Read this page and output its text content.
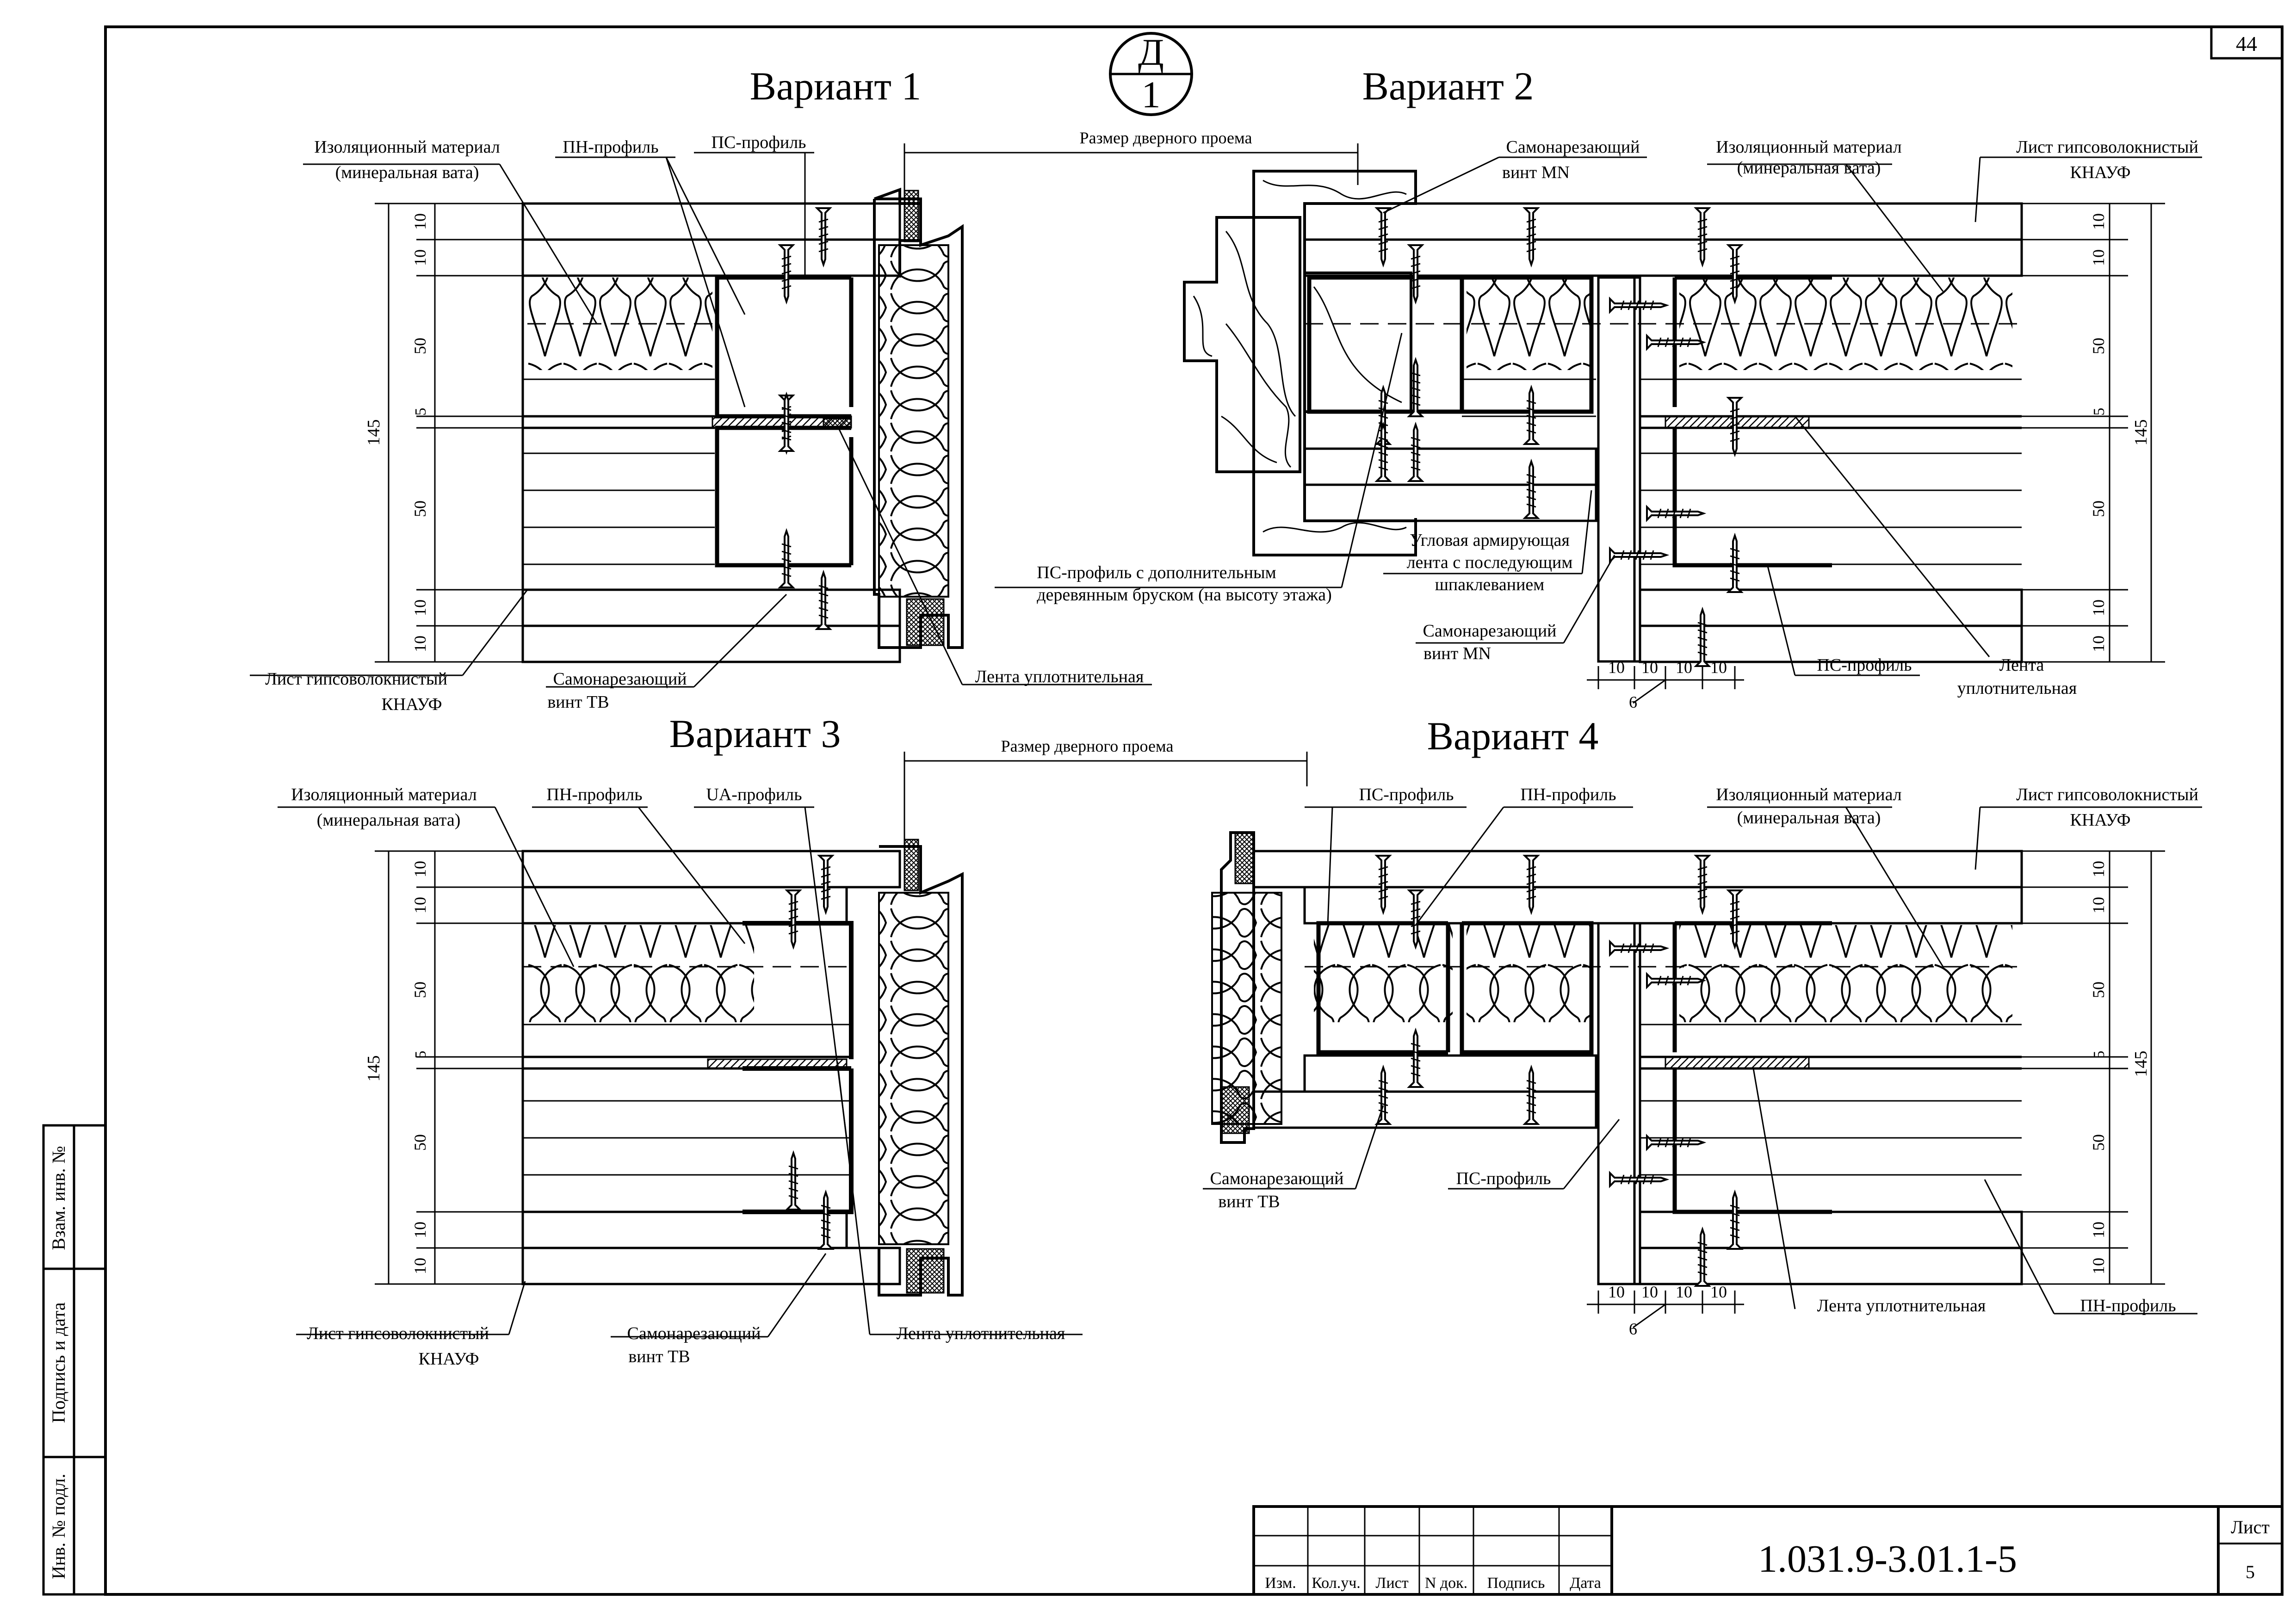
44
Взам. инв. №
Подпись и дата
Инв. № подл.	1.031.9-3.01.1-5
Лист
5
Изм. Кол.уч. Лист N док. Подпись Дата
Д
1
Вариант 1
145
10
10
50
5
50
10
10
Размер дверного проема
Изоляционный материал
(минеральная вата)
ПН-профиль	ПС-профиль
Лист гипсоволокнистый
КНАУФ
Самонарезающий
винт TB
Лента уплотнительная
Вариант 2
145
10
10
50
5
50
10
10
10 10 10 10
6
Самонарезающий
винт MN
Изоляционный материал
(минеральная вата)
Лист гипсоволокнистый
КНАУФ
ПС-профиль с дополнительным
деревянным бруском (на высоту этажа)
Угловая армирующая
лента с последующим
шпаклеванием
Самонарезающий
винт MN
ПС-профиль	Лента
уплотнительная
Вариант 3
145
10
10
50
5
50
10
10
Размер дверного проема
Изоляционный материал
(минеральная вата)
ПН-профиль	UA-профиль
Лист гипсоволокнистый
КНАУФ
Самонарезающий
винт TB
Лента уплотнительная
Вариант 4
145
10
10
50
5
50
10
10
10 10 10 10
6
ПС-профиль	ПН-профиль	Изоляционный материал
(минеральная вата)
Лист гипсоволокнистый
КНАУФ
Самонарезающий
винт TB
ПС-профиль
Лента уплотнительная	ПН-профиль
